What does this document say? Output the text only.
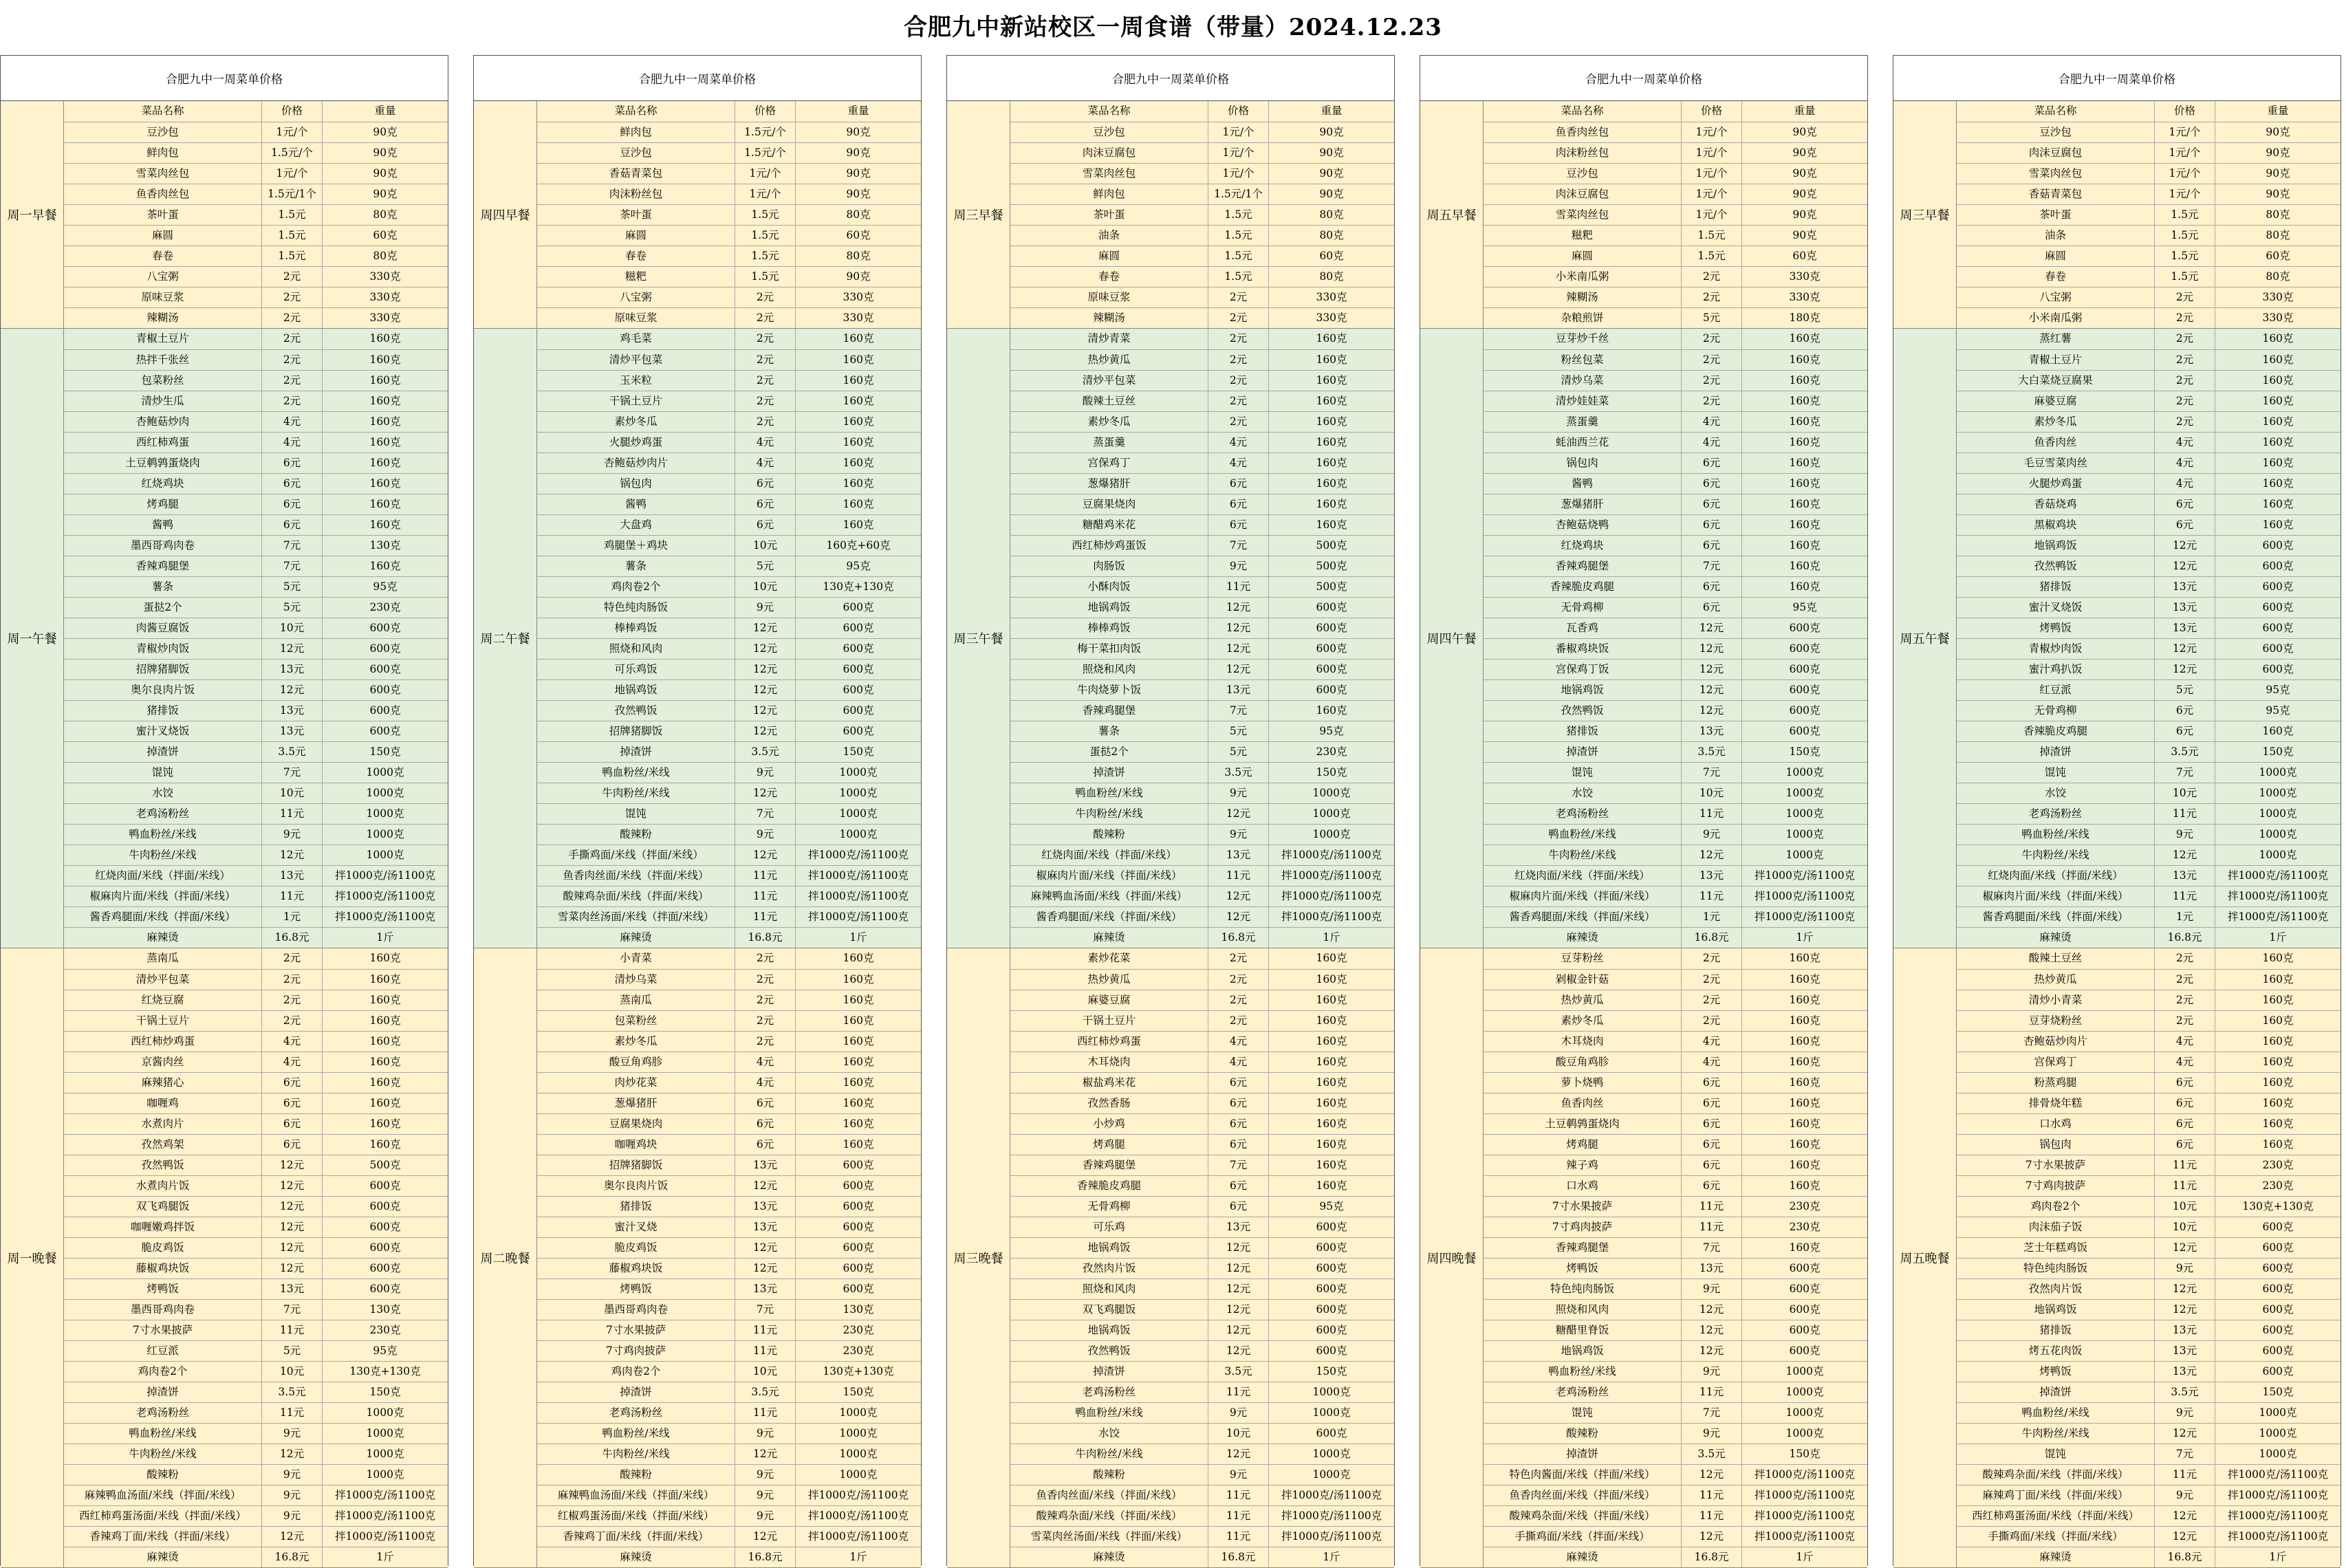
合肥九中新站校区一周食谱（带量）2024.12.23
合肥九中一周菜单价格
周一早餐
菜品名称	价格	重量
豆沙包	1元/个	90克
鲜肉包	1.5元/个	90克
雪菜肉丝包	1元/个	90克
鱼香肉丝包	1.5元/1个	90克
茶叶蛋	1.5元	80克
麻圆	1.5元	60克
春卷	1.5元	80克
八宝粥	2元	330克
原味豆浆	2元	330克
辣糊汤	2元	330克
周一午餐
青椒土豆片	2元	160克
热拌千张丝	2元	160克
包菜粉丝	2元	160克
清炒生瓜	2元	160克
杏鲍菇炒肉	4元	160克
西红柿鸡蛋	4元	160克
土豆鹌鹑蛋烧肉	6元	160克
红烧鸡块	6元	160克
烤鸡腿	6元	160克
酱鸭	6元	160克
墨西哥鸡肉卷	7元	130克
香辣鸡腿堡	7元	160克
薯条	5元	95克
蛋挞2个	5元	230克
肉酱豆腐饭	10元	600克
青椒炒肉饭	12元	600克
招牌猪脚饭	13元	600克
奥尔良肉片饭	12元	600克
猪排饭	13元	600克
蜜汁叉烧饭	13元	600克
掉渣饼	3.5元	150克
馄饨	7元	1000克
水饺	10元	1000克
老鸡汤粉丝	11元	1000克
鸭血粉丝/米线	9元	1000克
牛肉粉丝/米线	12元	1000克
红烧肉面/米线（拌面/米线）	13元	拌1000克/汤1100克
椒麻肉片面/米线（拌面/米线）	11元	拌1000克/汤1100克
酱香鸡腿面/米线（拌面/米线）	1元	拌1000克/汤1100克
麻辣烫	16.8元	1斤
周一晚餐
蒸南瓜	2元	160克
清炒平包菜	2元	160克
红烧豆腐	2元	160克
干锅土豆片	2元	160克
西红柿炒鸡蛋	4元	160克
京酱肉丝	4元	160克
麻辣猪心	6元	160克
咖喱鸡	6元	160克
水煮肉片	6元	160克
孜然鸡架	6元	160克
孜然鸭饭	12元	500克
水煮肉片饭	12元	600克
双飞鸡腿饭	12元	600克
咖喱嫩鸡拌饭	12元	600克
脆皮鸡饭	12元	600克
藤椒鸡块饭	12元	600克
烤鸭饭	13元	600克
墨西哥鸡肉卷	7元	130克
7寸水果披萨	11元	230克
红豆派	5元	95克
鸡肉卷2个	10元	130克+130克
掉渣饼	3.5元	150克
老鸡汤粉丝	11元	1000克
鸭血粉丝/米线	9元	1000克
牛肉粉丝/米线	12元	1000克
酸辣粉	9元	1000克
麻辣鸭血汤面/米线（拌面/米线）	9元	拌1000克/汤1100克
西红柿鸡蛋汤面/米线（拌面/米线）	9元	拌1000克/汤1100克
香辣鸡丁面/米线（拌面/米线）	12元	拌1000克/汤1100克
麻辣烫	16.8元	1斤
合肥九中一周菜单价格
周四早餐
菜品名称	价格	重量
鲜肉包	1.5元/个	90克
豆沙包	1.5元/个	90克
香菇青菜包	1元/个	90克
肉沫粉丝包	1元/个	90克
茶叶蛋	1.5元	80克
麻圆	1.5元	60克
春卷	1.5元	80克
糍粑	1.5元	90克
八宝粥	2元	330克
原味豆浆	2元	330克
周二午餐
鸡毛菜	2元	160克
清炒平包菜	2元	160克
玉米粒	2元	160克
干锅土豆片	2元	160克
素炒冬瓜	2元	160克
火腿炒鸡蛋	4元	160克
杏鲍菇炒肉片	4元	160克
锅包肉	6元	160克
酱鸭	6元	160克
大盘鸡	6元	160克
鸡腿堡＋鸡块	10元	160克+60克
薯条	5元	95克
鸡肉卷2个	10元	130克+130克
特色纯肉肠饭	9元	600克
棒棒鸡饭	12元	600克
照烧和风肉	12元	600克
可乐鸡饭	12元	600克
地锅鸡饭	12元	600克
孜然鸭饭	12元	600克
招牌猪脚饭	12元	600克
掉渣饼	3.5元	150克
鸭血粉丝/米线	9元	1000克
牛肉粉丝/米线	12元	1000克
馄饨	7元	1000克
酸辣粉	9元	1000克
手撕鸡面/米线（拌面/米线）	12元	拌1000克/汤1100克
鱼香肉丝面/米线（拌面/米线）	11元	拌1000克/汤1100克
酸辣鸡杂面/米线（拌面/米线）	11元	拌1000克/汤1100克
雪菜肉丝汤面/米线（拌面/米线）	11元	拌1000克/汤1100克
麻辣烫	16.8元	1斤
周二晚餐
小青菜	2元	160克
清炒乌菜	2元	160克
蒸南瓜	2元	160克
包菜粉丝	2元	160克
素炒冬瓜	2元	160克
酸豆角鸡胗	4元	160克
肉炒花菜	4元	160克
葱爆猪肝	6元	160克
豆腐果烧肉	6元	160克
咖喱鸡块	6元	160克
招牌猪脚饭	13元	600克
奥尔良肉片饭	12元	600克
猪排饭	13元	600克
蜜汁叉烧	13元	600克
脆皮鸡饭	12元	600克
藤椒鸡块饭	12元	600克
烤鸭饭	13元	600克
墨西哥鸡肉卷	7元	130克
7寸水果披萨	11元	230克
7寸鸡肉披萨	11元	230克
鸡肉卷2个	10元	130克+130克
掉渣饼	3.5元	150克
老鸡汤粉丝	11元	1000克
鸭血粉丝/米线	9元	1000克
牛肉粉丝/米线	12元	1000克
酸辣粉	9元	1000克
麻辣鸭血汤面/米线（拌面/米线）	9元	拌1000克/汤1100克
红椒鸡蛋汤面/米线（拌面/米线）	9元	拌1000克/汤1100克
香辣鸡丁面/米线（拌面/米线）	12元	拌1000克/汤1100克
麻辣烫	16.8元	1斤
合肥九中一周菜单价格
周三早餐
菜品名称	价格	重量
豆沙包	1元/个	90克
肉沫豆腐包	1元/个	90克
雪菜肉丝包	1元/个	90克
鲜肉包	1.5元/1个	90克
茶叶蛋	1.5元	80克
油条	1.5元	80克
麻圆	1.5元	60克
春卷	1.5元	80克
原味豆浆	2元	330克
辣糊汤	2元	330克
周三午餐
清炒青菜	2元	160克
热炒黄瓜	2元	160克
清炒平包菜	2元	160克
酸辣土豆丝	2元	160克
素炒冬瓜	2元	160克
蒸蛋羹	4元	160克
宫保鸡丁	4元	160克
葱爆猪肝	6元	160克
豆腐果烧肉	6元	160克
糖醋鸡米花	6元	160克
西红柿炒鸡蛋饭	7元	500克
肉肠饭	9元	500克
小酥肉饭	11元	500克
地锅鸡饭	12元	600克
棒棒鸡饭	12元	600克
梅干菜扣肉饭	12元	600克
照烧和风肉	12元	600克
牛肉烧萝卜饭	13元	600克
香辣鸡腿堡	7元	160克
薯条	5元	95克
蛋挞2个	5元	230克
掉渣饼	3.5元	150克
鸭血粉丝/米线	9元	1000克
牛肉粉丝/米线	12元	1000克
酸辣粉	9元	1000克
红烧肉面/米线（拌面/米线）	13元	拌1000克/汤1100克
椒麻肉片面/米线（拌面/米线）	11元	拌1000克/汤1100克
麻辣鸭血汤面/米线（拌面/米线）	12元	拌1000克/汤1100克
酱香鸡腿面/米线（拌面/米线）	12元	拌1000克/汤1100克
麻辣烫	16.8元	1斤
周三晚餐
素炒花菜	2元	160克
热炒黄瓜	2元	160克
麻婆豆腐	2元	160克
干锅土豆片	2元	160克
西红柿炒鸡蛋	4元	160克
木耳烧肉	4元	160克
椒盐鸡米花	6元	160克
孜然香肠	6元	160克
小炒鸡	6元	160克
烤鸡腿	6元	160克
香辣鸡腿堡	7元	160克
香辣脆皮鸡腿	6元	160克
无骨鸡柳	6元	95克
可乐鸡	13元	600克
地锅鸡饭	12元	600克
孜然肉片饭	12元	600克
照烧和风肉	12元	600克
双飞鸡腿饭	12元	600克
地锅鸡饭	12元	600克
孜然鸭饭	12元	600克
掉渣饼	3.5元	150克
老鸡汤粉丝	11元	1000克
鸭血粉丝/米线	9元	1000克
水饺	10元	600克
牛肉粉丝/米线	12元	1000克
酸辣粉	9元	1000克
鱼香肉丝面/米线（拌面/米线）	11元	拌1000克/汤1100克
酸辣鸡杂面/米线（拌面/米线）	11元	拌1000克/汤1100克
雪菜肉丝汤面/米线（拌面/米线）	11元	拌1000克/汤1100克
麻辣烫	16.8元	1斤
合肥九中一周菜单价格
周五早餐
菜品名称	价格	重量
鱼香肉丝包	1元/个	90克
肉沫粉丝包	1元/个	90克
豆沙包	1元/个	90克
肉沫豆腐包	1元/个	90克
雪菜肉丝包	1元/个	90克
糍粑	1.5元	90克
麻圆	1.5元	60克
小米南瓜粥	2元	330克
辣糊汤	2元	330克
杂粮煎饼	5元	180克
周四午餐
豆芽炒千丝	2元	160克
粉丝包菜	2元	160克
清炒乌菜	2元	160克
清炒娃娃菜	2元	160克
蒸蛋羹	4元	160克
蚝油西兰花	4元	160克
锅包肉	6元	160克
酱鸭	6元	160克
葱爆猪肝	6元	160克
杏鲍菇烧鸭	6元	160克
红烧鸡块	6元	160克
香辣鸡腿堡	7元	160克
香辣脆皮鸡腿	6元	160克
无骨鸡柳	6元	95克
瓦香鸡	12元	600克
番椒鸡块饭	12元	600克
宫保鸡丁饭	12元	600克
地锅鸡饭	12元	600克
孜然鸭饭	12元	600克
猪排饭	13元	600克
掉渣饼	3.5元	150克
馄饨	7元	1000克
水饺	10元	1000克
老鸡汤粉丝	11元	1000克
鸭血粉丝/米线	9元	1000克
牛肉粉丝/米线	12元	1000克
红烧肉面/米线（拌面/米线）	13元	拌1000克/汤1100克
椒麻肉片面/米线（拌面/米线）	11元	拌1000克/汤1100克
酱香鸡腿面/米线（拌面/米线）	1元	拌1000克/汤1100克
麻辣烫	16.8元	1斤
周四晚餐
豆芽粉丝	2元	160克
剁椒金针菇	2元	160克
热炒黄瓜	2元	160克
素炒冬瓜	2元	160克
木耳烧肉	4元	160克
酸豆角鸡胗	4元	160克
萝卜烧鸭	6元	160克
鱼香肉丝	6元	160克
土豆鹌鹑蛋烧肉	6元	160克
烤鸡腿	6元	160克
辣子鸡	6元	160克
口水鸡	6元	160克
7寸水果披萨	11元	230克
7寸鸡肉披萨	11元	230克
香辣鸡腿堡	7元	160克
烤鸭饭	13元	600克
特色纯肉肠饭	9元	600克
照烧和风肉	12元	600克
糖醋里脊饭	12元	600克
地锅鸡饭	12元	600克
鸭血粉丝/米线	9元	1000克
老鸡汤粉丝	11元	1000克
馄饨	7元	1000克
酸辣粉	9元	1000克
掉渣饼	3.5元	150克
特色肉酱面/米线（拌面/米线）	12元	拌1000克/汤1100克
鱼香肉丝面/米线（拌面/米线）	11元	拌1000克/汤1100克
酸辣鸡杂面/米线（拌面/米线）	11元	拌1000克/汤1100克
手撕鸡面/米线（拌面/米线）	12元	拌1000克/汤1100克
麻辣烫	16.8元	1斤
合肥九中一周菜单价格
周三早餐
菜品名称	价格	重量
豆沙包	1元/个	90克
肉沫豆腐包	1元/个	90克
雪菜肉丝包	1元/个	90克
香菇青菜包	1元/个	90克
茶叶蛋	1.5元	80克
油条	1.5元	80克
麻圆	1.5元	60克
春卷	1.5元	80克
八宝粥	2元	330克
小米南瓜粥	2元	330克
周五午餐
蒸红薯	2元	160克
青椒土豆片	2元	160克
大白菜烧豆腐果	2元	160克
麻婆豆腐	2元	160克
素炒冬瓜	2元	160克
鱼香肉丝	4元	160克
毛豆雪菜肉丝	4元	160克
火腿炒鸡蛋	4元	160克
香菇烧鸡	6元	160克
黑椒鸡块	6元	160克
地锅鸡饭	12元	600克
孜然鸭饭	12元	600克
猪排饭	13元	600克
蜜汁叉烧饭	13元	600克
烤鸭饭	13元	600克
青椒炒肉饭	12元	600克
蜜汁鸡扒饭	12元	600克
红豆派	5元	95克
无骨鸡柳	6元	95克
香辣脆皮鸡腿	6元	160克
掉渣饼	3.5元	150克
馄饨	7元	1000克
水饺	10元	1000克
老鸡汤粉丝	11元	1000克
鸭血粉丝/米线	9元	1000克
牛肉粉丝/米线	12元	1000克
红烧肉面/米线（拌面/米线）	13元	拌1000克/汤1100克
椒麻肉片面/米线（拌面/米线）	11元	拌1000克/汤1100克
酱香鸡腿面/米线（拌面/米线）	1元	拌1000克/汤1100克
麻辣烫	16.8元	1斤
周五晚餐
酸辣土豆丝	2元	160克
热炒黄瓜	2元	160克
清炒小青菜	2元	160克
豆芽烧粉丝	2元	160克
杏鲍菇炒肉片	4元	160克
宫保鸡丁	4元	160克
粉蒸鸡腿	6元	160克
排骨烧年糕	6元	160克
口水鸡	6元	160克
锅包肉	6元	160克
7寸水果披萨	11元	230克
7寸鸡肉披萨	11元	230克
鸡肉卷2个	10元	130克+130克
肉沫茄子饭	10元	600克
芝士年糕鸡饭	12元	600克
特色纯肉肠饭	9元	600克
孜然肉片饭	12元	600克
地锅鸡饭	12元	600克
猪排饭	13元	600克
烤五花肉饭	13元	600克
烤鸭饭	13元	600克
掉渣饼	3.5元	150克
鸭血粉丝/米线	9元	1000克
牛肉粉丝/米线	12元	1000克
馄饨	7元	1000克
酸辣鸡杂面/米线（拌面/米线）	11元	拌1000克/汤1100克
麻辣鸡丁面/米线（拌面/米线）	9元	拌1000克/汤1100克
西红柿鸡蛋汤面/米线（拌面/米线）	12元	拌1000克/汤1100克
手撕鸡面/米线（拌面/米线）	12元	拌1000克/汤1100克
麻辣烫	16.8元	1斤
